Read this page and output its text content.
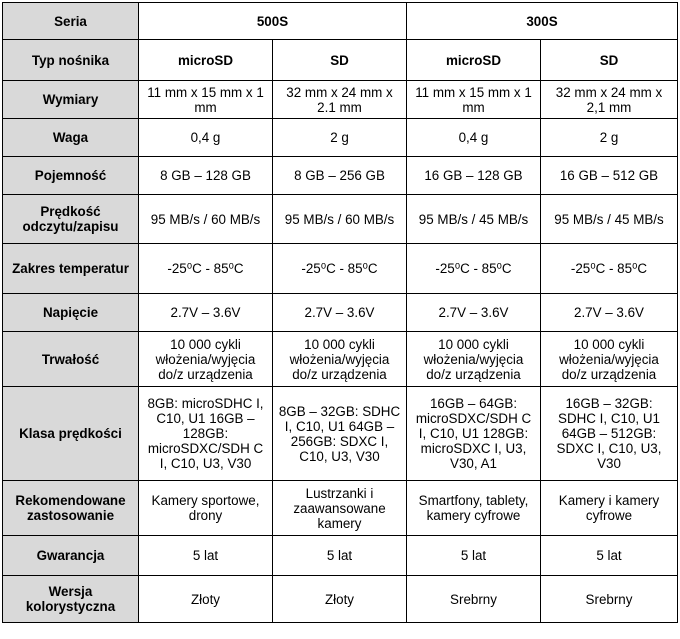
Seria	500S		300S	
Typ nośnika	microSD	SD	microSD	SD
Wymiary	11 mm x 15 mm x 1 mm	32 mm x 24 mm x 2.1 mm	11 mm x 15 mm x 1 mm	32 mm x 24 mm x 2,1 mm
Waga	0,4 g	2 g	0,4 g	2 g
Pojemność	8 GB – 128 GB	8 GB – 256 GB	16 GB – 128 GB	16 GB – 512 GB
Prędkość odczytu/zapisu	95 MB/s / 60 MB/s	95 MB/s / 60 MB/s	95 MB/s / 45 MB/s	95 MB/s / 45 MB/s
Zakres temperatur	-25⁰C - 85⁰C	-25⁰C - 85⁰C	-25⁰C - 85⁰C	-25⁰C - 85⁰C
Napięcie	2.7V – 3.6V	2.7V – 3.6V	2.7V – 3.6V	2.7V – 3.6V
Trwałość	10 000 cykli włożenia/wyjęcia do/z urządzenia	10 000 cykli włożenia/wyjęcia do/z urządzenia	10 000 cykli włożenia/wyjęcia do/z urządzenia	10 000 cykli włożenia/wyjęcia do/z urządzenia
Klasa prędkości	8GB: microSDHC I, C10, U1 16GB – 128GB: microSDXC/SDH C I, C10, U3, V30	8GB – 32GB: SDHC I, C10, U1 64GB – 256GB: SDXC I, C10, U3, V30	16GB – 64GB: microSDXC/SDH C I, C10, U1 128GB: microSDXC I, U3, V30, A1	16GB – 32GB: SDHC I, C10, U1 64GB – 512GB: SDXC I, C10, U3, V30
Rekomendowane zastosowanie	Kamery sportowe, drony	Lustrzanki i zaawansowane kamery	Smartfony, tablety, kamery cyfrowe	Kamery i kamery cyfrowe
Gwarancja	5 lat	5 lat	5 lat	5 lat
Wersja kolorystyczna	Złoty	Złoty	Srebrny	Srebrny
